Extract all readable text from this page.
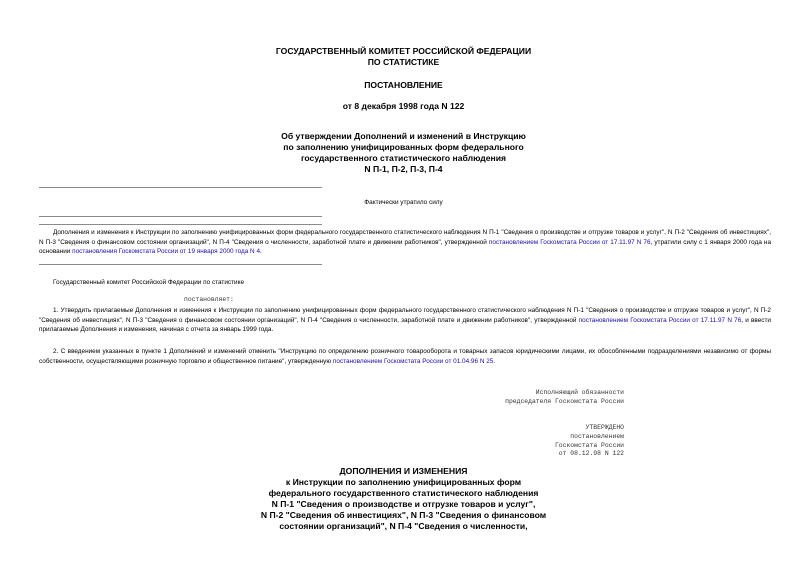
ГОСУДАРСТВЕННЫЙ КОМИТЕТ РОССИЙСКОЙ ФЕДЕРАЦИИ
ПО СТАТИСТИКЕ
ПОСТАНОВЛЕНИЕ
от 8 декабря 1998 года N 122
Об утверждении Дополнений и изменений в Инструкцию
по заполнению унифицированных форм федерального
государственного статистического наблюдения
N П-1, П-2, П-3, П-4
Фактически утратило силу

Дополнения и изменения к Инструкции по заполнению унифицированных форм федерального государственного статистического наблюдения N П-1 "Сведения о производстве и отгрузке товаров и услуг", N П-2 "Сведения об инвестициях", N П-3 "Сведения о финансовом состоянии организаций", N П-4 "Сведения о численности, заработной плате и движении работников", утвержденной постановлением Госкомстата России от 17.11.97 N 76, утратили силу с 1 января 2000 года на основании постановления Госкомстата России от 19 января 2000 года N 4.

Государственный комитет Российской Федерации по статистике
постановляет:

1. Утвердить прилагаемые Дополнения и изменения к Инструкции по заполнению унифицированных форм федерального государственного статистического наблюдения N П-1 "Сведения о производстве и отгрузке товаров и услуг", N П-2 "Сведения об инвестициях", N П-3 "Сведения о финансовом состоянии организаций", N П-4 "Сведения о численности, заработной плате и движении работников", утвержденной постановлением Госкомстата России от 17.11.97 N 76, и ввести прилагаемые Дополнения и изменения, начиная с отчета за январь 1999 года.

2. С введением указанных в пункте 1 Дополнений и изменений отменить "Инструкцию по определению розничного товарооборота и товарных запасов юридическими лицами, их обособленными подразделениями независимо от формы собственности, осуществляющими розничную торговлю и общественное питание", утвержденную постановлением Госкомстата России от 01.04.96 N 25.

Исполняющий обязанности
председателя Госкомстата России
УТВЕРЖДЕНО
постановлением
Госкомстата России
от 08.12.98 N 122
ДОПОЛНЕНИЯ И ИЗМЕНЕНИЯ
к Инструкции по заполнению унифицированных форм
федерального государственного статистического наблюдения
N П-1 "Сведения о производстве и отгрузке товаров и услуг",
N П-2 "Сведения об инвестициях", N П-3 "Сведения о финансовом
состоянии организаций", N П-4 "Сведения о численности,
